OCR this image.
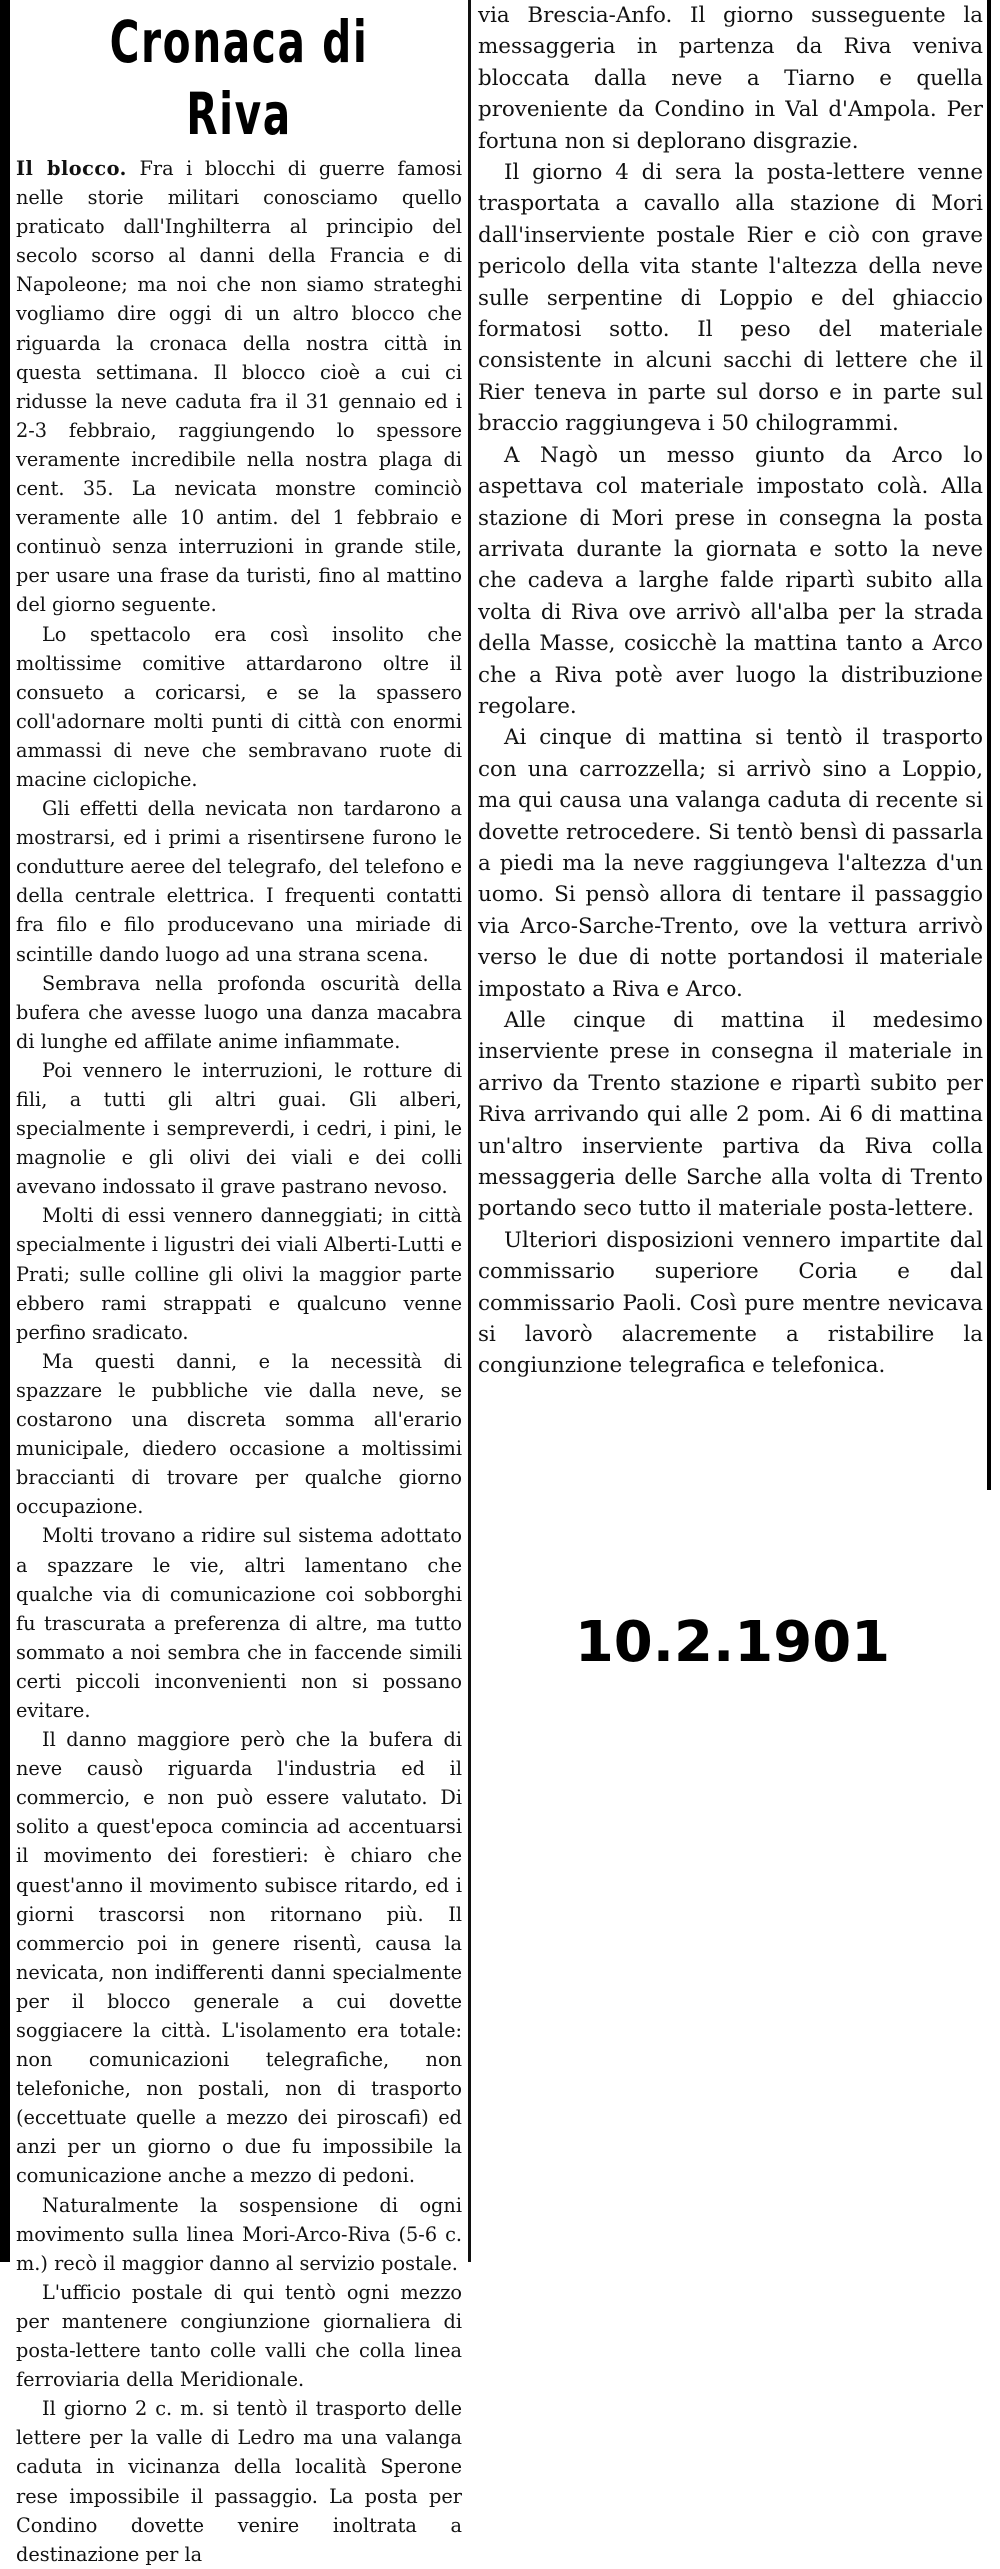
Cronaca di Riva

Il blocco. Fra i blocchi di guerre famosi nelle storie militari conosciamo quello praticato dall'Inghilterra al principio del secolo scorso al danni della Francia e di Napoleone; ma noi che non siamo strateghi vogliamo dire oggi di un altro blocco che riguarda la cronaca della nostra città in questa settimana. Il blocco cioè a cui ci ridusse la neve caduta fra il 31 gennaio ed i 2-3 febbraio, raggiungendo lo spessore veramente incredibile nella nostra plaga di cent. 35. La nevicata monstre cominciò veramente alle 10 antim. del 1 febbraio e continuò senza interruzioni in grande stile, per usare una frase da turisti, fino al mattino del giorno seguente.

Lo spettacolo era così insolito che moltissime comitive attardarono oltre il consueto a coricarsi, e se la spassero coll'adornare molti punti di città con enormi ammassi di neve che sembravano ruote di macine ciclopiche.

Gli effetti della nevicata non tardarono a mostrarsi, ed i primi a risentirsene furono le condutture aeree del telegrafo, del telefono e della centrale elettrica. I frequenti contatti fra filo e filo producevano una miriade di scintille dando luogo ad una strana scena.

Sembrava nella profonda oscurità della bufera che avesse luogo una danza macabra di lunghe ed affilate anime infiammate.

Poi vennero le interruzioni, le rotture di fili, a tutti gli altri guai. Gli alberi, specialmente i sempreverdi, i cedri, i pini, le magnolie e gli olivi dei viali e dei colli avevano indossato il grave pastrano nevoso.

Molti di essi vennero danneggiati; in città specialmente i ligustri dei viali Alberti-Lutti e Prati; sulle colline gli olivi la maggior parte ebbero rami strappati e qualcuno venne perfino sradicato.

Ma questi danni, e la necessità di spazzare le pubbliche vie dalla neve, se costarono una discreta somma all'erario municipale, diedero occasione a moltissimi braccianti di trovare per qualche giorno occupazione.

Molti trovano a ridire sul sistema adottato a spazzare le vie, altri lamentano che qualche via di comunicazione coi sobborghi fu trascurata a preferenza di altre, ma tutto sommato a noi sembra che in faccende simili certi piccoli inconvenienti non si possano evitare.

Il danno maggiore però che la bufera di neve causò riguarda l'industria ed il commercio, e non può essere valutato. Di solito a quest'epoca comincia ad accentuarsi il movimento dei forestieri: è chiaro che quest'anno il movimento subisce ritardo, ed i giorni trascorsi non ritornano più. Il commercio poi in genere risentì, causa la nevicata, non indifferenti danni specialmente per il blocco generale a cui dovette soggiacere la città. L'isolamento era totale: non comunicazioni telegrafiche, non telefoniche, non postali, non di trasporto (eccettuate quelle a mezzo dei piroscafi) ed anzi per un giorno o due fu impossibile la comunicazione anche a mezzo di pedoni.

Naturalmente la sospensione di ogni movimento sulla linea Mori-Arco-Riva (5-6 c. m.) recò il maggior danno al servizio postale.

L'ufficio postale di qui tentò ogni mezzo per mantenere congiunzione giornaliera di posta-lettere tanto colle valli che colla linea ferroviaria della Meridionale.

Il giorno 2 c. m. si tentò il trasporto delle lettere per la valle di Ledro ma una valanga caduta in vicinanza della località Sperone rese impossibile il passaggio. La posta per Condino dovette venire inoltrata a destinazione per la

via Brescia-Anfo. Il giorno susseguente la messaggeria in partenza da Riva veniva bloccata dalla neve a Tiarno e quella proveniente da Condino in Val d'Ampola. Per fortuna non si deplorano disgrazie.

Il giorno 4 di sera la posta-lettere venne trasportata a cavallo alla stazione di Mori dall'inserviente postale Rier e ciò con grave pericolo della vita stante l'altezza della neve sulle serpentine di Loppio e del ghiaccio formatosi sotto. Il peso del materiale consistente in alcuni sacchi di lettere che il Rier teneva in parte sul dorso e in parte sul braccio raggiungeva i 50 chilogrammi.

A Nagò un messo giunto da Arco lo aspettava col materiale impostato colà. Alla stazione di Mori prese in consegna la posta arrivata durante la giornata e sotto la neve che cadeva a larghe falde ripartì subito alla volta di Riva ove arrivò all'alba per la strada della Masse, cosicchè la mattina tanto a Arco che a Riva potè aver luogo la distribuzione regolare.

Ai cinque di mattina si tentò il trasporto con una carrozzella; si arrivò sino a Loppio, ma qui causa una valanga caduta di recente si dovette retrocedere. Si tentò bensì di passarla a piedi ma la neve raggiungeva l'altezza d'un uomo. Si pensò allora di tentare il passaggio via Arco-Sarche-Trento, ove la vettura arrivò verso le due di notte portandosi il materiale impostato a Riva e Arco.

Alle cinque di mattina il medesimo inserviente prese in consegna il materiale in arrivo da Trento stazione e ripartì subito per Riva arrivando qui alle 2 pom. Ai 6 di mattina un'altro inserviente partiva da Riva colla messaggeria delle Sarche alla volta di Trento portando seco tutto il materiale posta-lettere.

Ulteriori disposizioni vennero impartite dal commissario superiore Coria e dal commissario Paoli. Così pure mentre nevicava si lavorò alacremente a ristabilire la congiunzione telegrafica e telefonica.

10.2.1901
